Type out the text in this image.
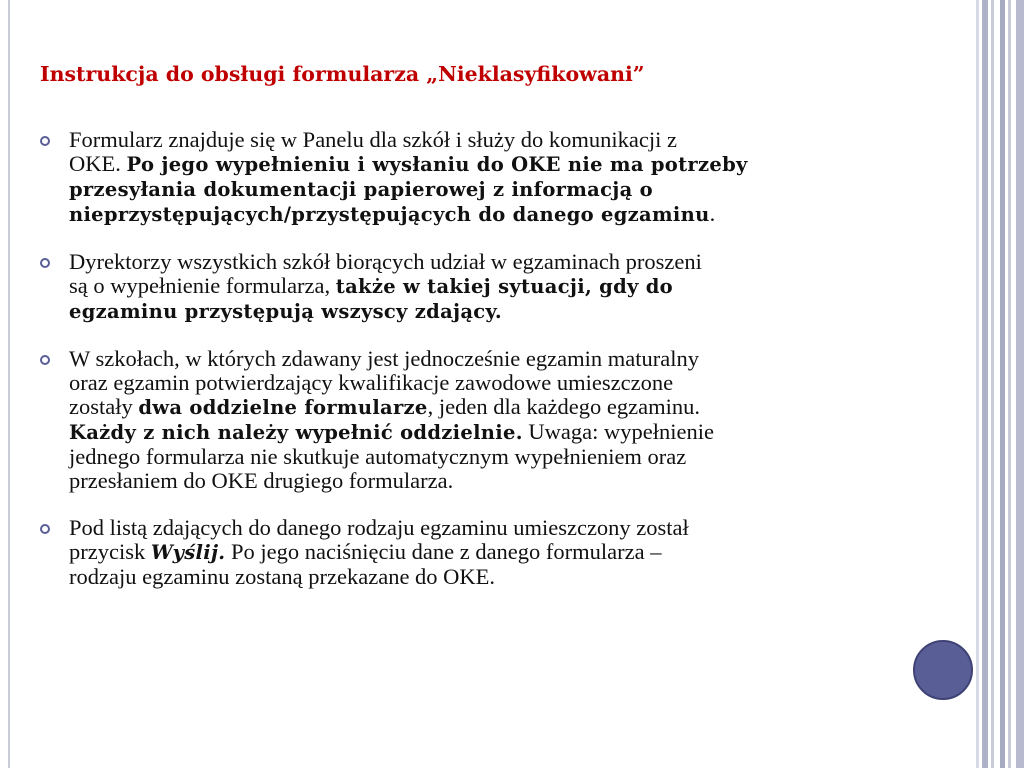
Instrukcja do obsługi formularza „Nieklasyfikowani”
Formularz znajduje się w Panelu dla szkół i służy do komunikacji z
OKE. Po jego wypełnieniu i wysłaniu do OKE nie ma potrzeby
przesyłania dokumentacji papierowej z informacją o
nieprzystępujących/przystępujących do danego egzaminu.
Dyrektorzy wszystkich szkół biorących udział w egzaminach proszeni
są o wypełnienie formularza, także w takiej sytuacji, gdy do
egzaminu przystępują wszyscy zdający.
W szkołach, w których zdawany jest jednocześnie egzamin maturalny
oraz egzamin potwierdzający kwalifikacje zawodowe umieszczone
zostały dwa oddzielne formularze, jeden dla każdego egzaminu.
Każdy z nich należy wypełnić oddzielnie. Uwaga: wypełnienie
jednego formularza nie skutkuje automatycznym wypełnieniem oraz
przesłaniem do OKE drugiego formularza.
Pod listą zdających do danego rodzaju egzaminu umieszczony został
przycisk Wyślij. Po jego naciśnięciu dane z danego formularza –
rodzaju egzaminu zostaną przekazane do OKE.
